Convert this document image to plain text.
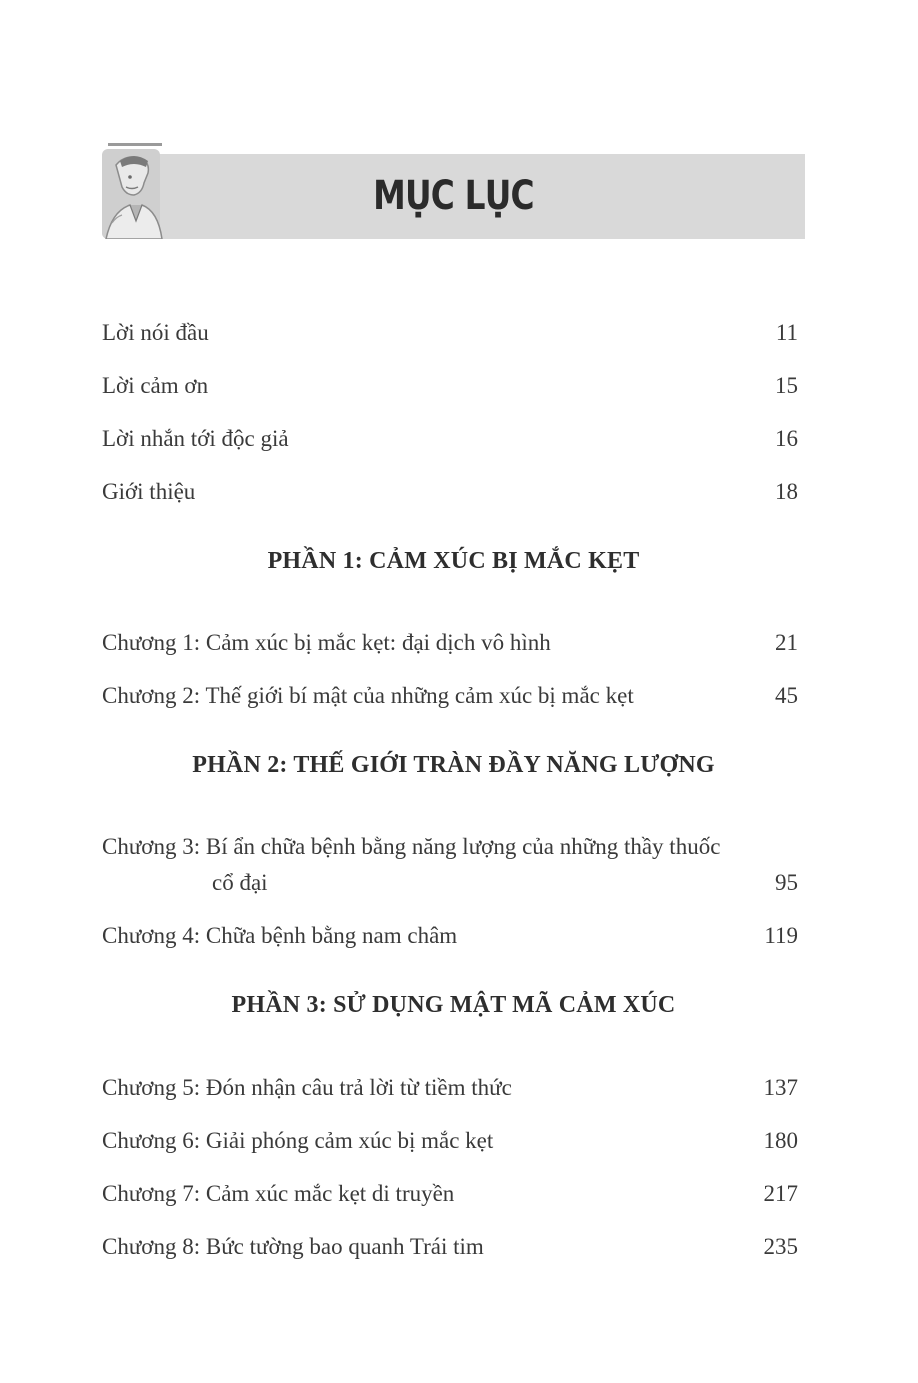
MỤC LỤC
Lời nói đầu	11
Lời cảm ơn	15
Lời nhắn tới độc giả	16
Giới thiệu	18
PHẦN 1: CẢM XÚC BỊ MẮC KẸT
Chương 1: Cảm xúc bị mắc kẹt: đại dịch vô hình	21
Chương 2: Thế giới bí mật của những cảm xúc bị mắc kẹt	45
PHẦN 2: THẾ GIỚI TRÀN ĐẦY NĂNG LƯỢNG
Chương 3: Bí ẩn chữa bệnh bằng năng lượng của những thầy thuốc
cổ đại	95
Chương 4: Chữa bệnh bằng nam châm	119
PHẦN 3: SỬ DỤNG MẬT MÃ CẢM XÚC
Chương 5: Đón nhận câu trả lời từ tiềm thức	137
Chương 6: Giải phóng cảm xúc bị mắc kẹt	180
Chương 7: Cảm xúc mắc kẹt di truyền	217
Chương 8: Bức tường bao quanh Trái tim	235
